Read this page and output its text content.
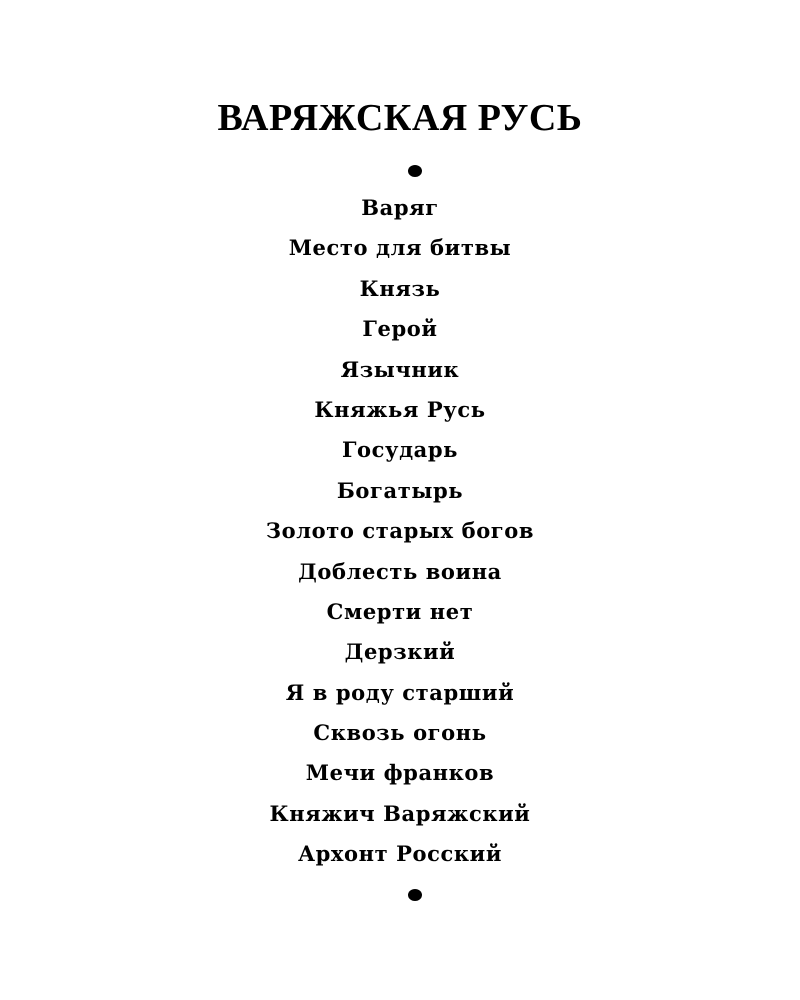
ВАРЯЖСКАЯ РУСЬ
Варяг
Место для битвы
Князь
Герой
Язычник
Княжья Русь
Государь
Богатырь
Золото старых богов
Доблесть воина
Смерти нет
Дерзкий
Я в роду старший
Сквозь огонь
Мечи франков
Княжич Варяжский
Архонт Росский
